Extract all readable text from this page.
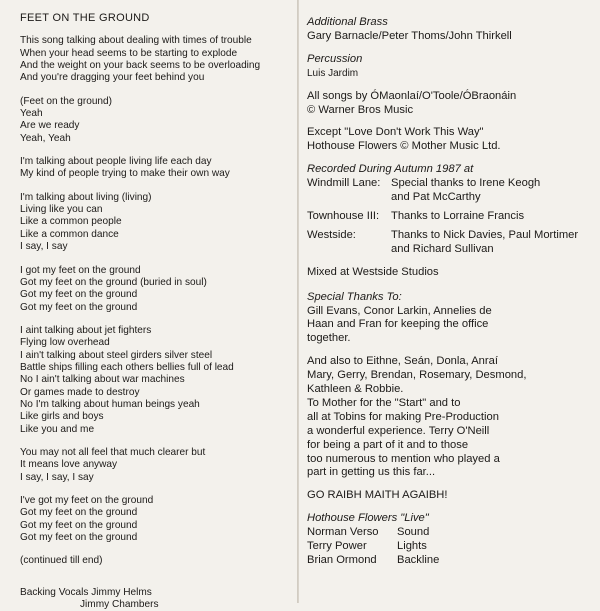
FEET ON THE GROUND
This song talking about dealing with times of trouble
When your head seems to be starting to explode
And the weight on your back seems to be overloading
And you're dragging your feet behind you
(Feet on the ground)
Yeah
Are we ready
Yeah, Yeah
I'm talking about people living life each day
My kind of people trying to make their own way
I'm talking about living (living)
Living like you can
Like a common people
Like a common dance
I say, I say
I got my feet on the ground
Got my feet on the ground (buried in soul)
Got my feet on the ground
Got my feet on the ground
I aint talking about jet fighters
Flying low overhead
I ain't talking about steel girders silver steel
Battle ships filling each others bellies full of lead
No I ain't talking about war machines
Or games made to destroy
No I'm talking about human beings yeah
Like girls and boys
Like you and me
You may not all feel that much clearer but
It means love anyway
I say, I say, I say
I've got my feet on the ground
Got my feet on the ground
Got my feet on the ground
Got my feet on the ground
(continued till end)
Backing Vocals Jimmy Helms
Jimmy Chambers
Additional Brass
Gary Barnacle/Peter Thoms/John Thirkell
Percussion
Luis Jardim
All songs by ÓMaonlaí/O'Toole/ÓBraonáin
© Warner Bros Music
Except "Love Don't Work This Way"
Hothouse Flowers © Mother Music Ltd.
Recorded During Autumn 1987 at
Windmill Lane: Special thanks to Irene Keogh
and Pat McCarthy
Townhouse III:	Thanks to Lorraine Francis
Westside:	Thanks to Nick Davies, Paul Mortimer
and Richard Sullivan
Mixed at Westside Studios
Special Thanks To:
Gill Evans, Conor Larkin, Annelies de
Haan and Fran for keeping the office
together.
And also to Eithne, Seán, Donla, Anraí
Mary, Gerry, Brendan, Rosemary, Desmond,
Kathleen & Robbie.
To Mother for the "Start" and to
all at Tobins for making Pre-Production
a wonderful experience. Terry O'Neill
for being a part of it and to those
too numerous to mention who played a
part in getting us this far...
GO RAIBH MAITH AGAIBH!
Hothouse Flowers "Live"
Norman Verso	Sound
Terry Power	Lights
Brian Ormond	Backline
